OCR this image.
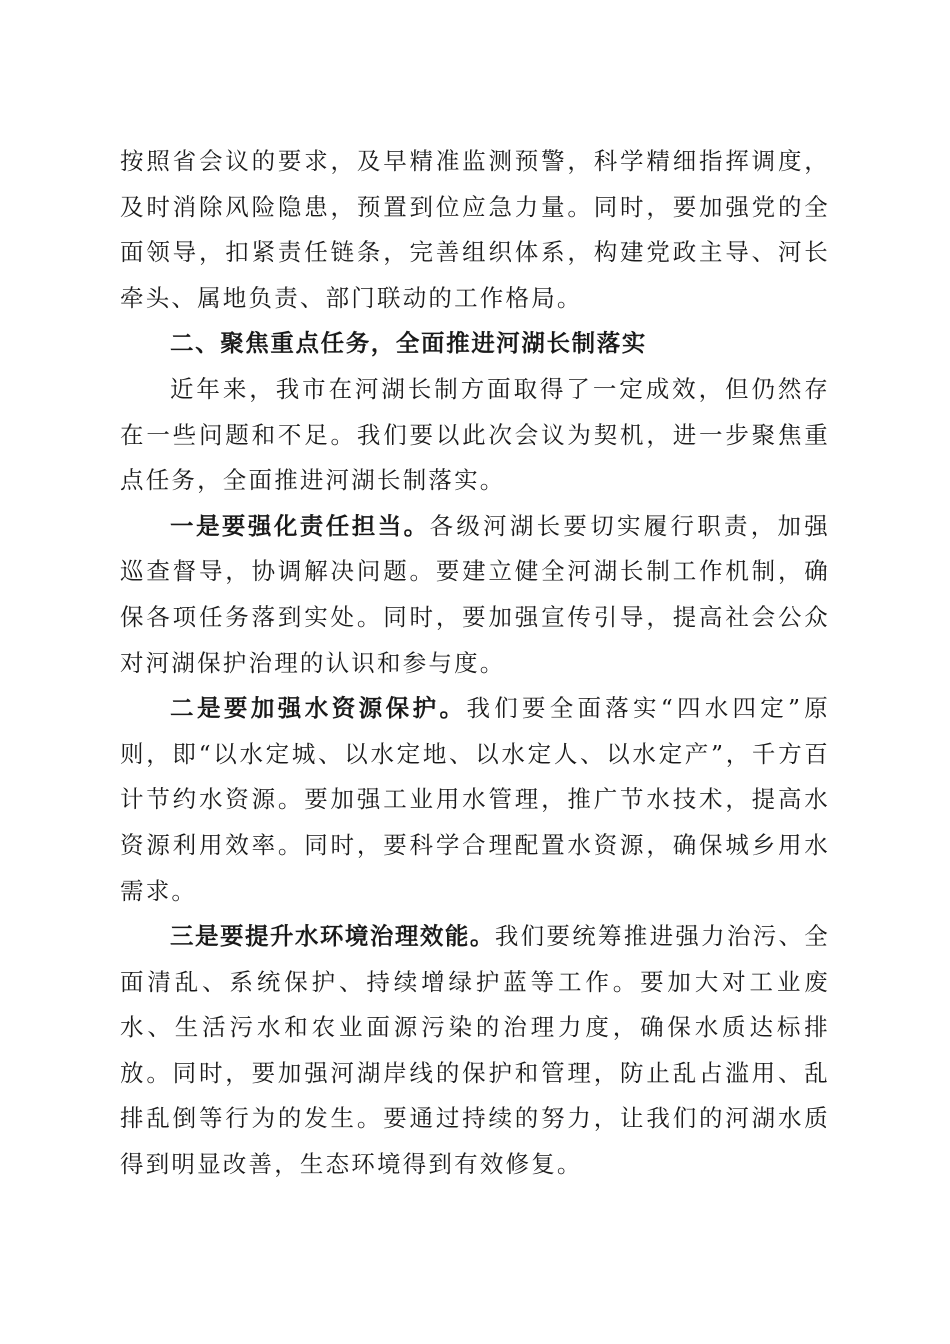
按照省会议的要求，及早精准监测预警，科学精细指挥调度，及时消除风险隐患，预置到位应急力量。同时，要加强党的全面领导，扣紧责任链条，完善组织体系，构建党政主导、河长牵头、属地负责、部门联动的工作格局。

二、聚焦重点任务，全面推进河湖长制落实

近年来，我市在河湖长制方面取得了一定成效，但仍然存在一些问题和不足。我们要以此次会议为契机，进一步聚焦重点任务，全面推进河湖长制落实。

一是要强化责任担当。各级河湖长要切实履行职责，加强巡查督导，协调解决问题。要建立健全河湖长制工作机制，确保各项任务落到实处。同时，要加强宣传引导，提高社会公众对河湖保护治理的认识和参与度。

二是要加强水资源保护。我们要全面落实“四水四定”原则，即“以水定城、以水定地、以水定人、以水定产”，千方百计节约水资源。要加强工业用水管理，推广节水技术，提高水资源利用效率。同时，要科学合理配置水资源，确保城乡用水需求。

三是要提升水环境治理效能。我们要统筹推进强力治污、全面清乱、系统保护、持续增绿护蓝等工作。要加大对工业废水、生活污水和农业面源污染的治理力度，确保水质达标排放。同时，要加强河湖岸线的保护和管理，防止乱占滥用、乱排乱倒等行为的发生。要通过持续的努力，让我们的河湖水质得到明显改善，生态环境得到有效修复。
